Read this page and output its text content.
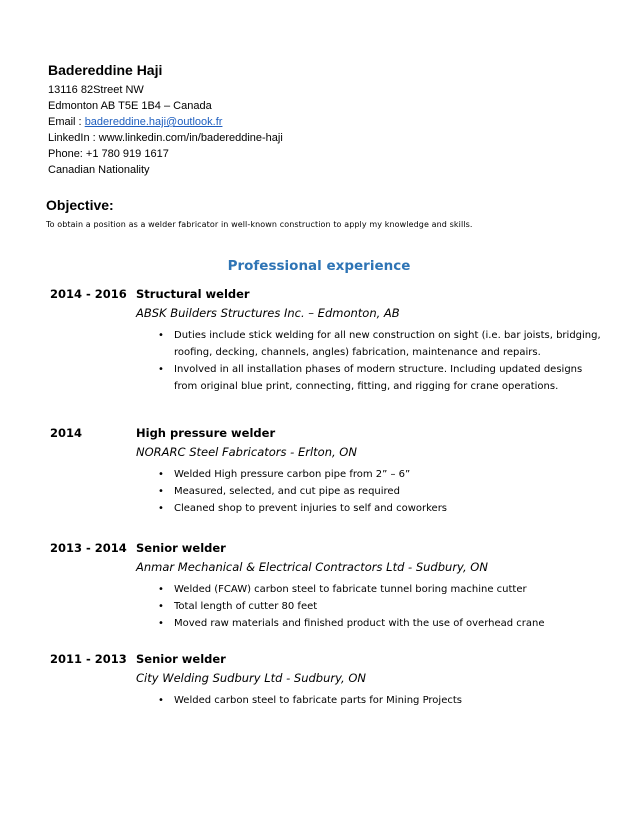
Badereddine Haji
13116 82Street NW
Edmonton AB T5E 1B4 – Canada
Email : badereddine.haji@outlook.fr
LinkedIn : www.linkedin.com/in/badereddine-haji
Phone: +1 780 919 1617
Canadian Nationality
Objective:
To obtain a position as a welder fabricator in well-known construction to apply my knowledge and skills.
Professional experience
2014 - 2016 Structural welder
ABSK Builders Structures Inc. – Edmonton, AB
• Duties include stick welding for all new construction on sight (i.e. bar joists, bridging, roofing, decking, channels, angles) fabrication, maintenance and repairs.
• Involved in all installation phases of modern structure. Including updated designs from original blue print, connecting, fitting, and rigging for crane operations.
2014	High pressure welder
NORARC Steel Fabricators - Erlton, ON
• Welded High pressure carbon pipe from 2” – 6”
• Measured, selected, and cut pipe as required
• Cleaned shop to prevent injuries to self and coworkers
2013 - 2014 Senior welder
Anmar Mechanical & Electrical Contractors Ltd - Sudbury, ON
• Welded (FCAW) carbon steel to fabricate tunnel boring machine cutter
• Total length of cutter 80 feet
• Moved raw materials and finished product with the use of overhead crane
2011 - 2013 Senior welder
City Welding Sudbury Ltd - Sudbury, ON
• Welded carbon steel to fabricate parts for Mining Projects
